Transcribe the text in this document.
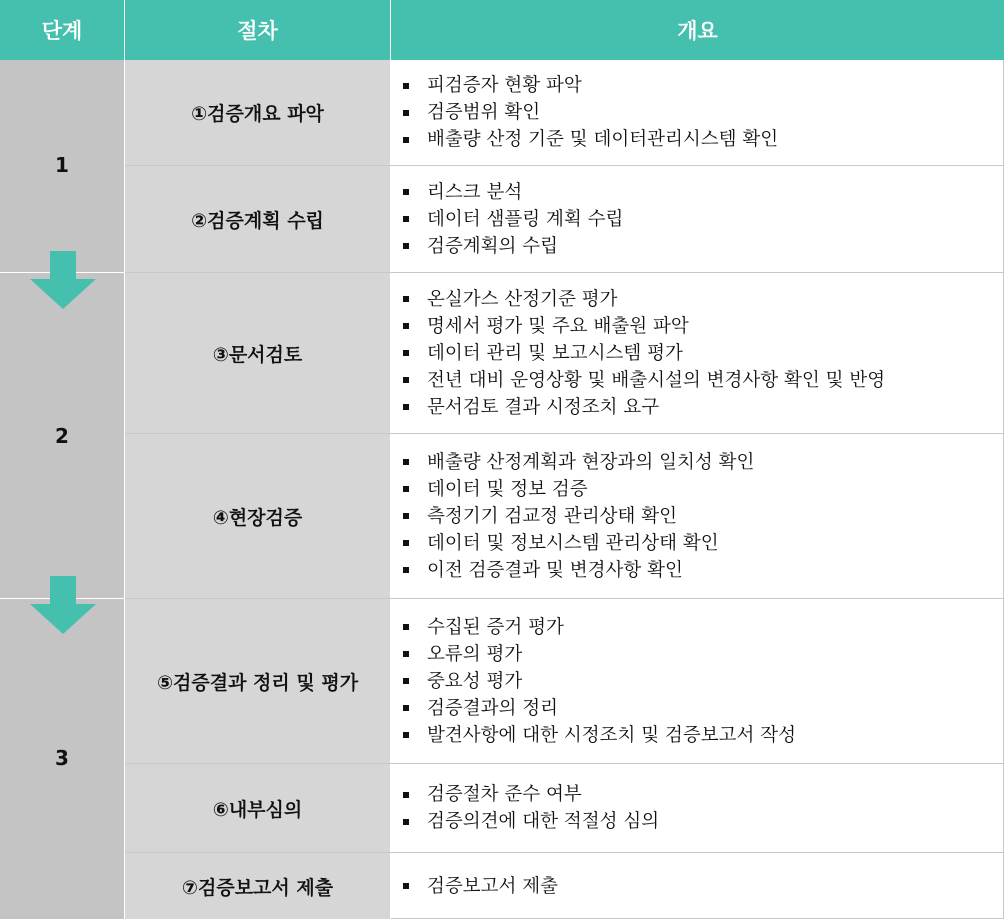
단계	절차	개요
1
2
3
①검증개요 파악
②검증계획 수립
③문서검토
④현장검증
⑤검증결과 정리 및 평가
⑥내부심의
⑦검증보고서 제출
피검증자 현황 파악
검증범위 확인
배출량 산정 기준 및 데이터관리시스템 확인
리스크 분석
데이터 샘플링 계획 수립
검증계획의 수립
온실가스 산정기준 평가
명세서 평가 및 주요 배출원 파악
데이터 관리 및 보고시스템 평가
전년 대비 운영상황 및 배출시설의 변경사항 확인 및 반영
문서검토 결과 시정조치 요구
배출량 산정계획과 현장과의 일치성 확인
데이터 및 정보 검증
측정기기 검교정 관리상태 확인
데이터 및 정보시스템 관리상태 확인
이전 검증결과 및 변경사항 확인
수집된 증거 평가
오류의 평가
중요성 평가
검증결과의 정리
발견사항에 대한 시정조치 및 검증보고서 작성
검증절차 준수 여부
검증의견에 대한 적절성 심의
검증보고서 제출
